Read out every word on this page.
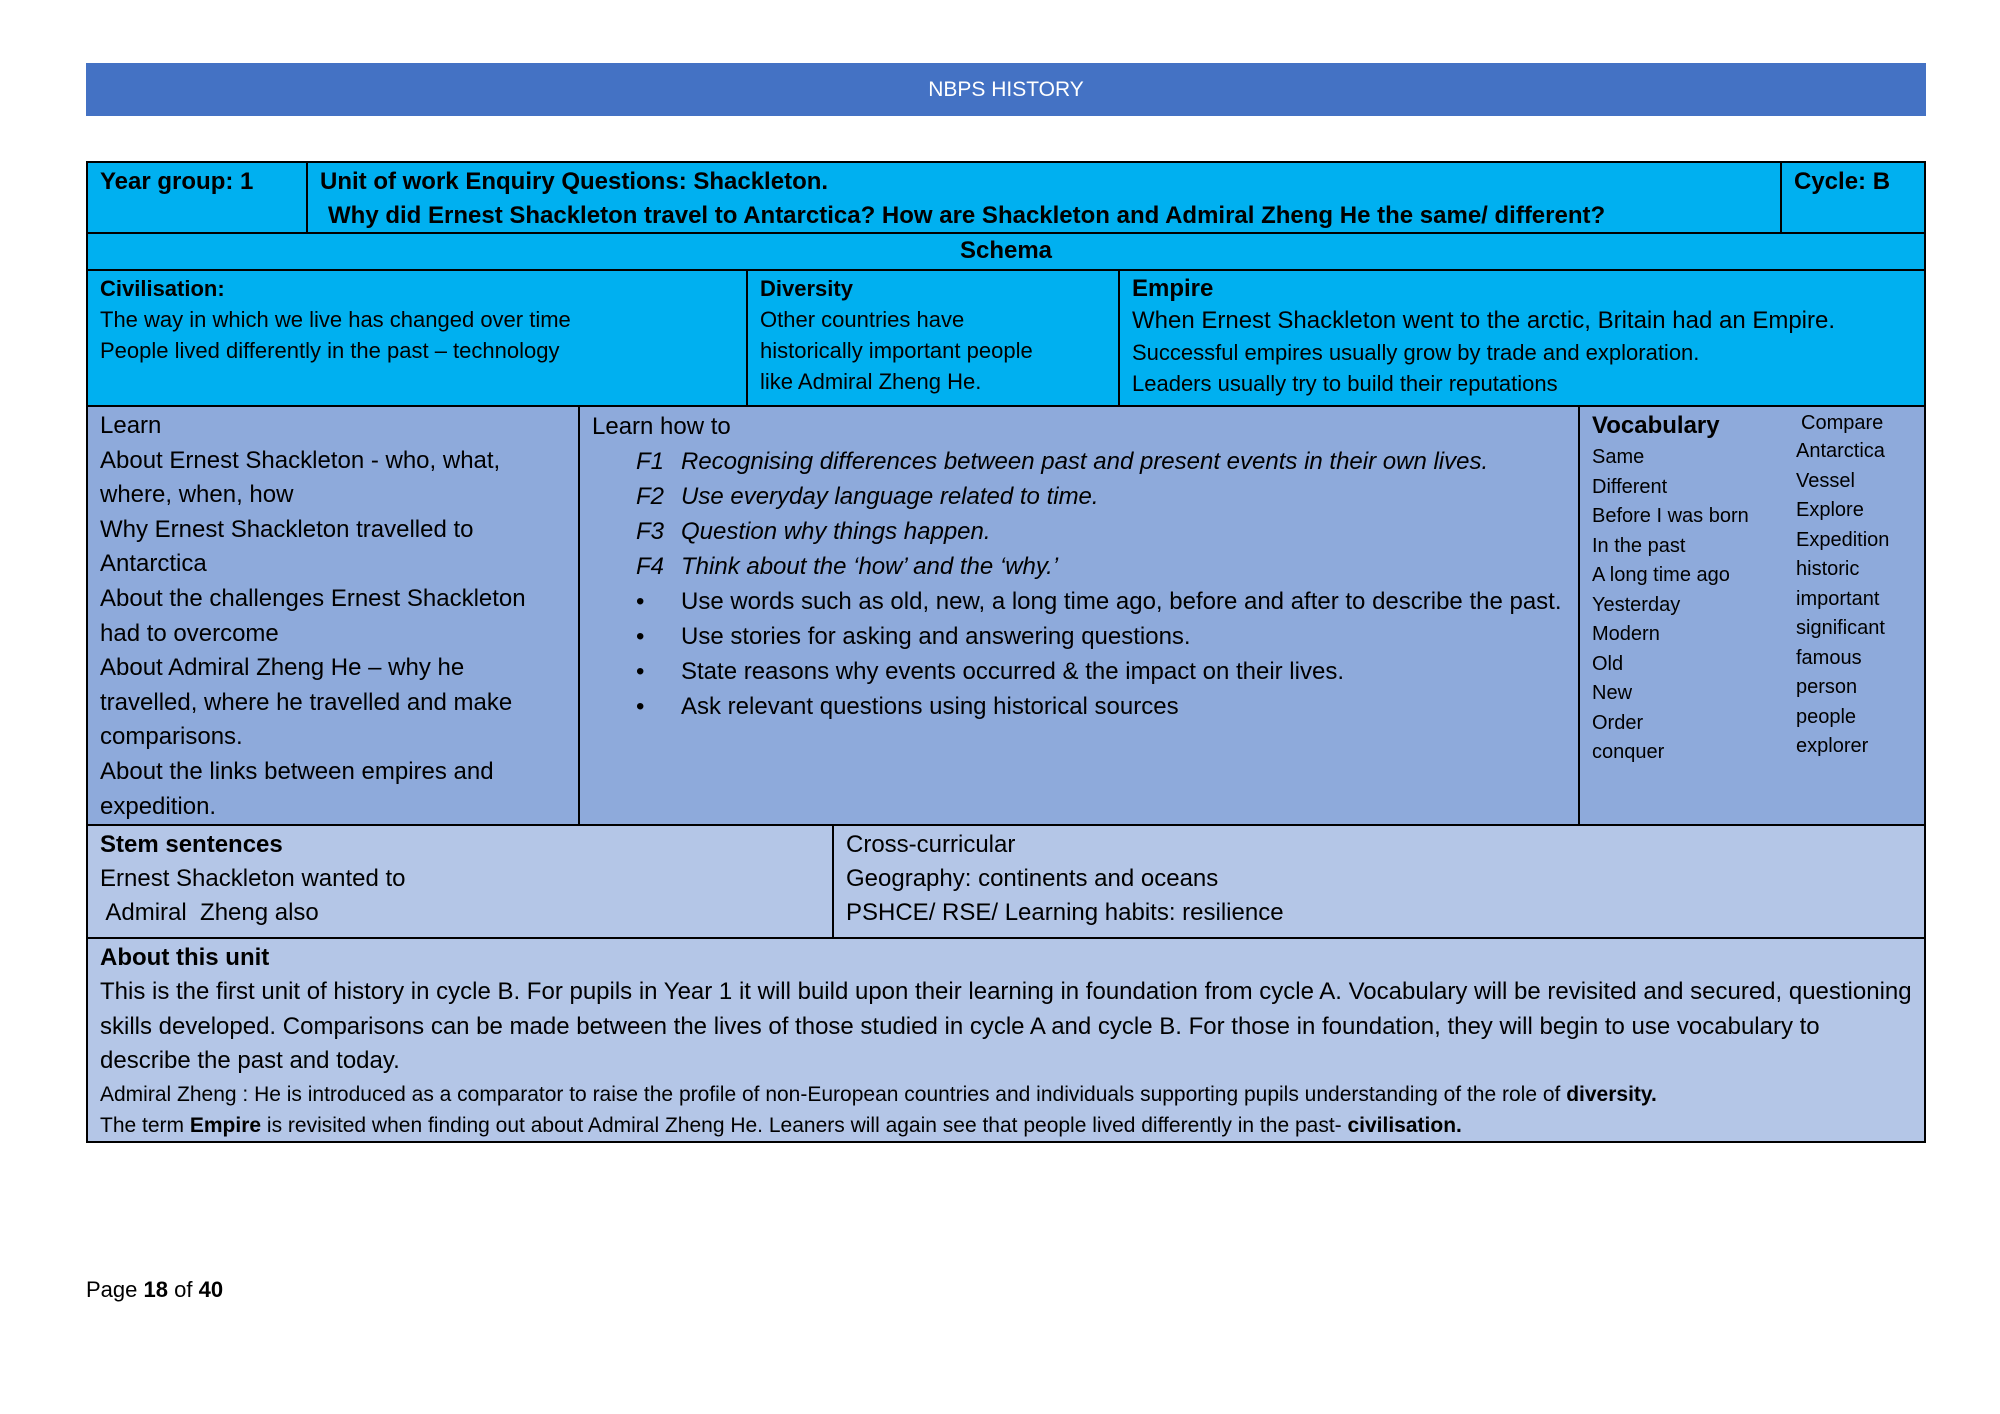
NBPS HISTORY
Year group: 1	Unit of work Enquiry Questions: Shackleton.
Why did Ernest Shackleton travel to Antarctica? How are Shackleton and Admiral Zheng He the same/ different?
Cycle: B
Schema
Civilisation:
The way in which we live has changed over time
People lived differently in the past – technology
Diversity
Other countries have
historically important people
like Admiral Zheng He.
Empire
When Ernest Shackleton went to the arctic, Britain had an Empire.
Successful empires usually grow by trade and exploration.
Leaders usually try to build their reputations
Learn
About Ernest Shackleton - who, what,
where, when, how
Why Ernest Shackleton travelled to
Antarctica
About the challenges Ernest Shackleton
had to overcome
About Admiral Zheng He – why he
travelled, where he travelled and make
comparisons.
About the links between empires and
expedition.
Learn how to
F1 Recognising differences between past and present events in their own lives.
F2 Use everyday language related to time.
F3 Question why things happen.
F4 Think about the ‘how’ and the ‘why.’
•	Use words such as old, new, a long time ago, before and after to describe the past.
•	Use stories for asking and answering questions.
•	State reasons why events occurred & the impact on their lives.
•	Ask relevant questions using historical sources
Vocabulary
Same
Different
Before I was born
In the past
A long time ago
Yesterday
Modern
Old
New
Order
conquer
Compare
Antarctica
Vessel
Explore
Expedition
historic
important
significant
famous
person
people
explorer
Stem sentences
Ernest Shackleton wanted to
Admiral  Zheng also
Cross-curricular
Geography: continents and oceans
PSHCE/ RSE/ Learning habits: resilience
About this unit
This is the first unit of history in cycle B. For pupils in Year 1 it will build upon their learning in foundation from cycle A. Vocabulary will be revisited and secured, questioning skills developed. Comparisons can be made between the lives of those studied in cycle A and cycle B. For those in foundation, they will begin to use vocabulary to describe the past and today.
Admiral Zheng : He is introduced as a comparator to raise the profile of non-European countries and individuals supporting pupils understanding of the role of diversity.
The term Empire is revisited when finding out about Admiral Zheng He. Leaners will again see that people lived differently in the past- civilisation.
Page 18 of 40
